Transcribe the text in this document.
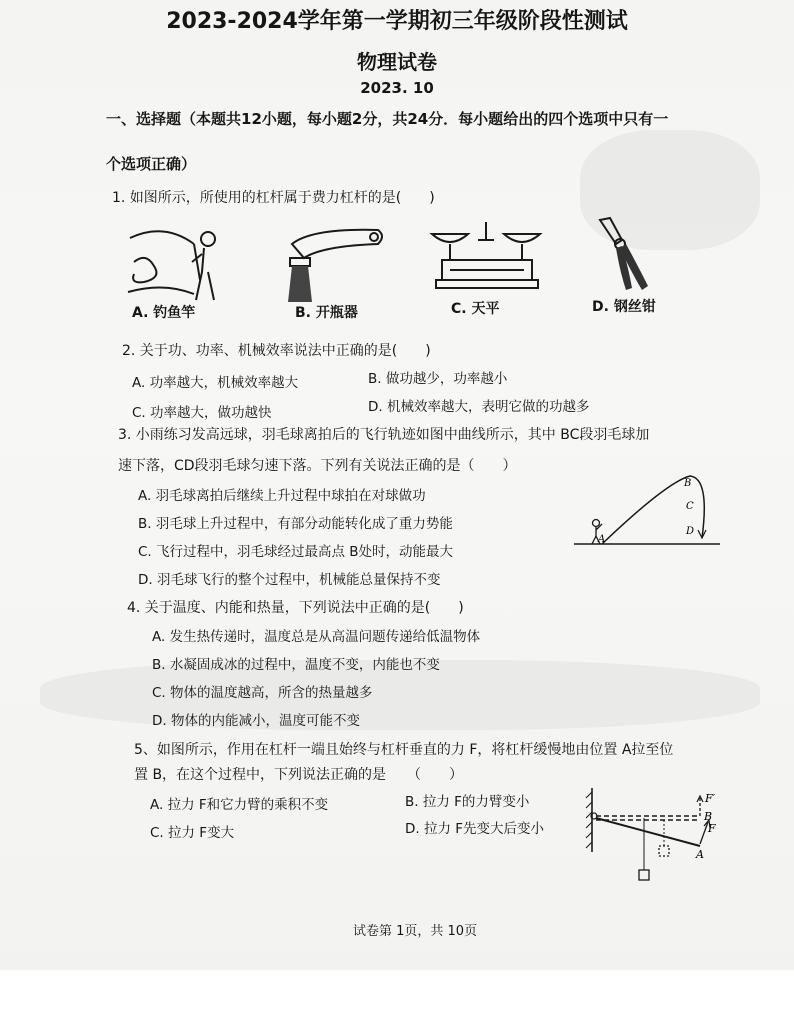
2023-2024学年第一学期初三年级阶段性测试
物理试卷
2023. 10
一、选择题（本题共12小题，每小题2分，共24分．每小题给出的四个选项中只有一
个选项正确）
1. 如图所示，所使用的杠杆属于费力杠杆的是(　　)
A. 钓鱼竿	B. 开瓶器	C. 天平	D. 钢丝钳
2. 关于功、功率、机械效率说法中正确的是(　　)
A. 功率越大，机械效率越大	B. 做功越少，功率越小
C. 功率越大，做功越快	D. 机械效率越大，表明它做的功越多
3. 小雨练习发高远球，羽毛球离拍后的飞行轨迹如图中曲线所示，其中 BC段羽毛球加
速下落，CD段羽毛球匀速下落。下列有关说法正确的是（　　）
A. 羽毛球离拍后继续上升过程中球拍在对球做功
B. 羽毛球上升过程中，有部分动能转化成了重力势能
C. 飞行过程中，羽毛球经过最高点 B处时，动能最大
D. 羽毛球飞行的整个过程中，机械能总量保持不变
A
B
C
D
4. 关于温度、内能和热量，下列说法中正确的是(　　)
A. 发生热传递时，温度总是从高温问题传递给低温物体
B. 水凝固成冰的过程中，温度不变，内能也不变
C. 物体的温度越高，所含的热量越多
D. 物体的内能减小，温度可能不变
5、如图所示，作用在杠杆一端且始终与杠杆垂直的力 F，将杠杆缓慢地由位置 A拉至位
置 B，在这个过程中，下列说法正确的是　　（　　）
A. 拉力 F和它力臂的乘积不变	B. 拉力 F的力臂变小
C. 拉力 F变大	D. 拉力 F先变大后变小
F′
F
B
A
试卷第 1页，共 10页
